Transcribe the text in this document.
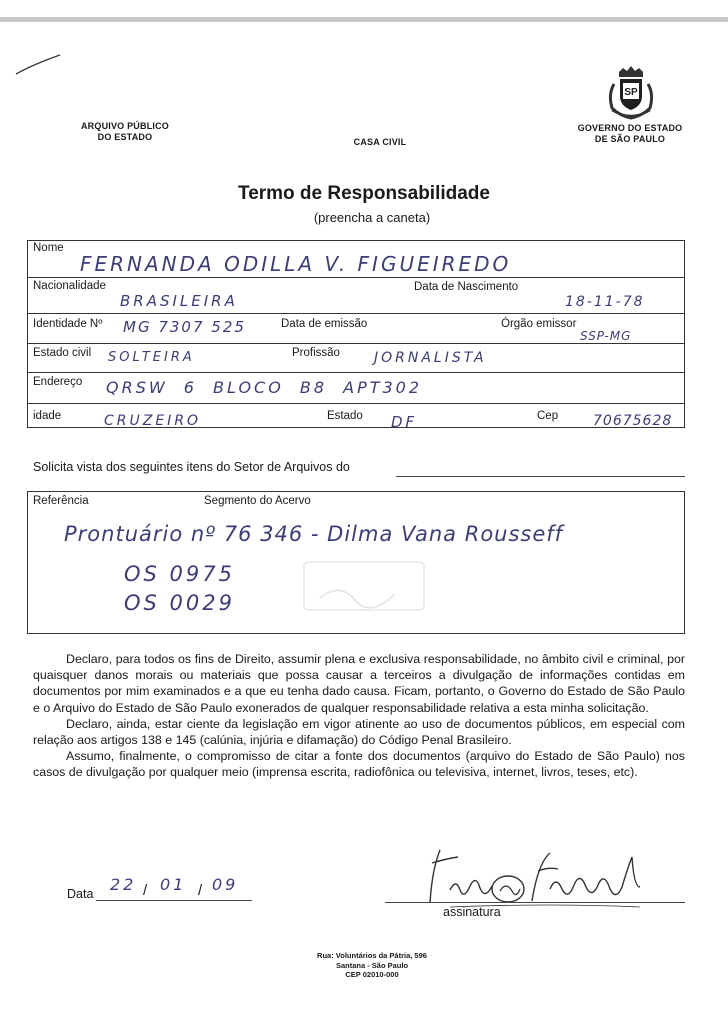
ARQUIVO PÚBLICO
DO ESTADO	CASA CIVIL
SP
GOVERNO DO ESTADO
DE SÃO PAULO
Termo de Responsabilidade
(preencha a caneta)
Nome
FERNANDA ODILLA V. FIGUEIREDO
Nacionalidade
BRASILEIRA
Data de Nascimento
18-11-78
Identidade Nº MG 7307 525	Data de emissão	Órgão emissor
SSP-MG
Estado civil SOLTEIRA	Profissão JORNALISTA
Endereço QRSW 6 BLOCO B8 APT302
idade	CRUZEIRO	Estado DF	Cep 70675628
Solicita vista dos seguintes itens do Setor de Arquivos do
Referência	Segmento do Acervo
Prontuário nº 76 346 - Dilma Vana Rousseff
OS 0975
OS 0029

Declaro, para todos os fins de Direito, assumir plena e exclusiva responsabilidade, no âmbito civil e criminal, por quaisquer danos morais ou materiais que possa causar a terceiros a divulgação de informações contidas em documentos por mim examinados e a que eu tenha dado causa. Ficam, portanto, o Governo do Estado de São Paulo e o Arquivo do Estado de São Paulo exonerados de qualquer responsabilidade relativa a esta minha solicitação.

Declaro, ainda, estar ciente da legislação em vigor atinente ao uso de documentos públicos, em especial com relação aos artigos 138 e 145 (calúnia, injúria e difamação) do Código Penal Brasileiro.

Assumo, finalmente, o compromisso de citar a fonte dos documentos (arquivo do Estado de São Paulo) nos casos de divulgação por qualquer meio (imprensa escrita, radiofônica ou televisiva, internet, livros, teses, etc).

Data 22 / 01 / 09
assinatura
Rua: Voluntários da Pátria, 596
Santana - São Paulo
CEP 02010-000
